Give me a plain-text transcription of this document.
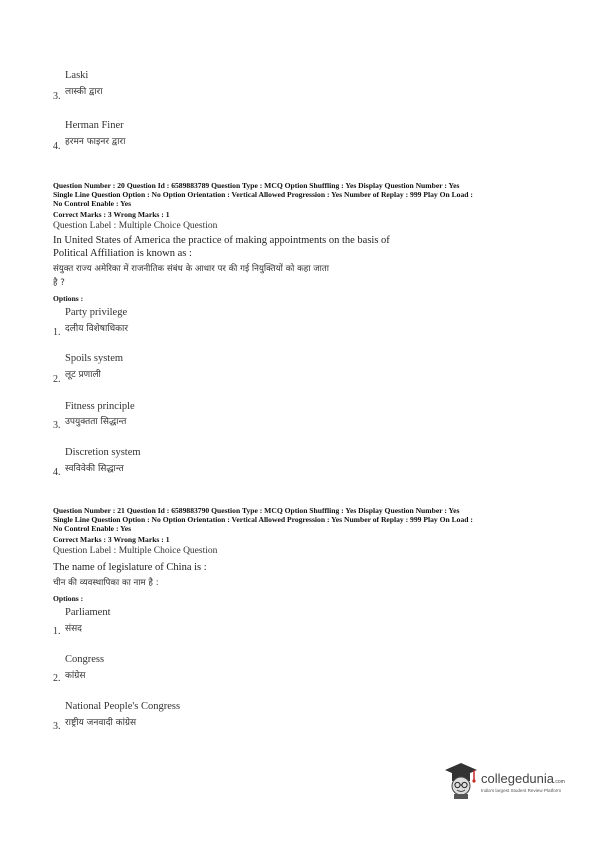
Laski
3. लास्की द्वारा
Herman Finer
4. हरमन फाइनर द्वारा
Question Number : 20 Question Id : 6589883789 Question Type : MCQ Option Shuffling : Yes Display Question Number : Yes
Single Line Question Option : No Option Orientation : Vertical Allowed Progression : Yes Number of Replay : 999 Play On Load :
No Control Enable : Yes
Correct Marks : 3 Wrong Marks : 1
Question Label : Multiple Choice Question
In United States of America the practice of making appointments on the basis of
Political Affiliation is known as :
संयुक्त राज्य अमेरिका में राजनीतिक संबंध के आधार पर की गई नियुक्तियों को कहा जाता
है ?
Options :
Party privilege
1. दलीय विशेषाधिकार
Spoils system
2. लूट प्रणाली
Fitness principle
3. उपयुक्तता सिद्धान्त
Discretion system
4. स्वविवेकी सिद्धान्त
Question Number : 21 Question Id : 6589883790 Question Type : MCQ Option Shuffling : Yes Display Question Number : Yes
Single Line Question Option : No Option Orientation : Vertical Allowed Progression : Yes Number of Replay : 999 Play On Load :
No Control Enable : Yes
Correct Marks : 3 Wrong Marks : 1
Question Label : Multiple Choice Question
The name of legislature of China is :
चीन की व्यवस्थापिका का नाम है :
Options :
Parliament
1. संसद
Congress
2. कांग्रेस
National People's Congress
3. राष्ट्रीय जनवादी कांग्रेस
collegedunia.com
India's largest Student Review Platform
